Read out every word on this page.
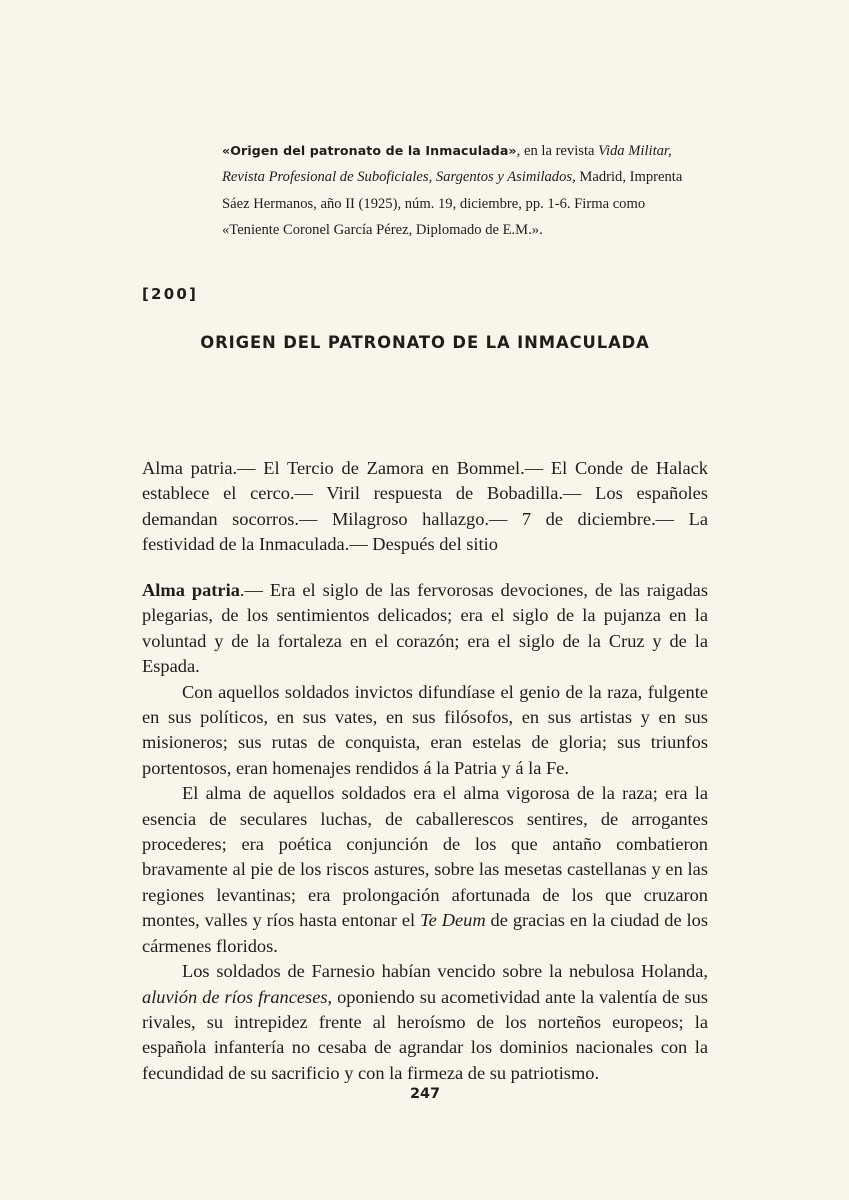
«Origen del patronato de la Inmaculada», en la revista Vida Militar, Revista Profesional de Suboficiales, Sargentos y Asimilados, Madrid, Imprenta Sáez Hermanos, año II (1925), núm. 19, diciembre, pp. 1-6. Firma como «Teniente Coronel García Pérez, Diplomado de E.M.».
[200]
ORIGEN DEL PATRONATO DE LA INMACULADA

Alma patria.— El Tercio de Zamora en Bommel.— El Conde de Halack establece el cerco.— Viril respuesta de Bobadilla.— Los españoles demandan socorros.— Milagroso hallazgo.— 7 de diciembre.— La festividad de la Inmaculada.— Después del sitio

Alma patria.— Era el siglo de las fervorosas devociones, de las raigadas plegarias, de los sentimientos delicados; era el siglo de la pujanza en la voluntad y de la fortaleza en el corazón; era el siglo de la Cruz y de la Espada.

Con aquellos soldados invictos difundíase el genio de la raza, fulgente en sus políticos, en sus vates, en sus filósofos, en sus artistas y en sus misioneros; sus rutas de conquista, eran estelas de gloria; sus triunfos portentosos, eran homenajes rendidos á la Patria y á la Fe.

El alma de aquellos soldados era el alma vigorosa de la raza; era la esencia de seculares luchas, de caballerescos sentires, de arrogantes procederes; era poética conjunción de los que antaño combatieron bravamente al pie de los riscos astures, sobre las mesetas castellanas y en las regiones levantinas; era prolongación afortunada de los que cruzaron montes, valles y ríos hasta entonar el Te Deum de gracias en la ciudad de los cármenes floridos.

Los soldados de Farnesio habían vencido sobre la nebulosa Holanda, aluvión de ríos franceses, oponiendo su acometividad ante la valentía de sus rivales, su intrepidez frente al heroísmo de los norteños europeos; la española infantería no cesaba de agrandar los dominios nacionales con la fecundidad de su sacrificio y con la firmeza de su patriotismo.

247
